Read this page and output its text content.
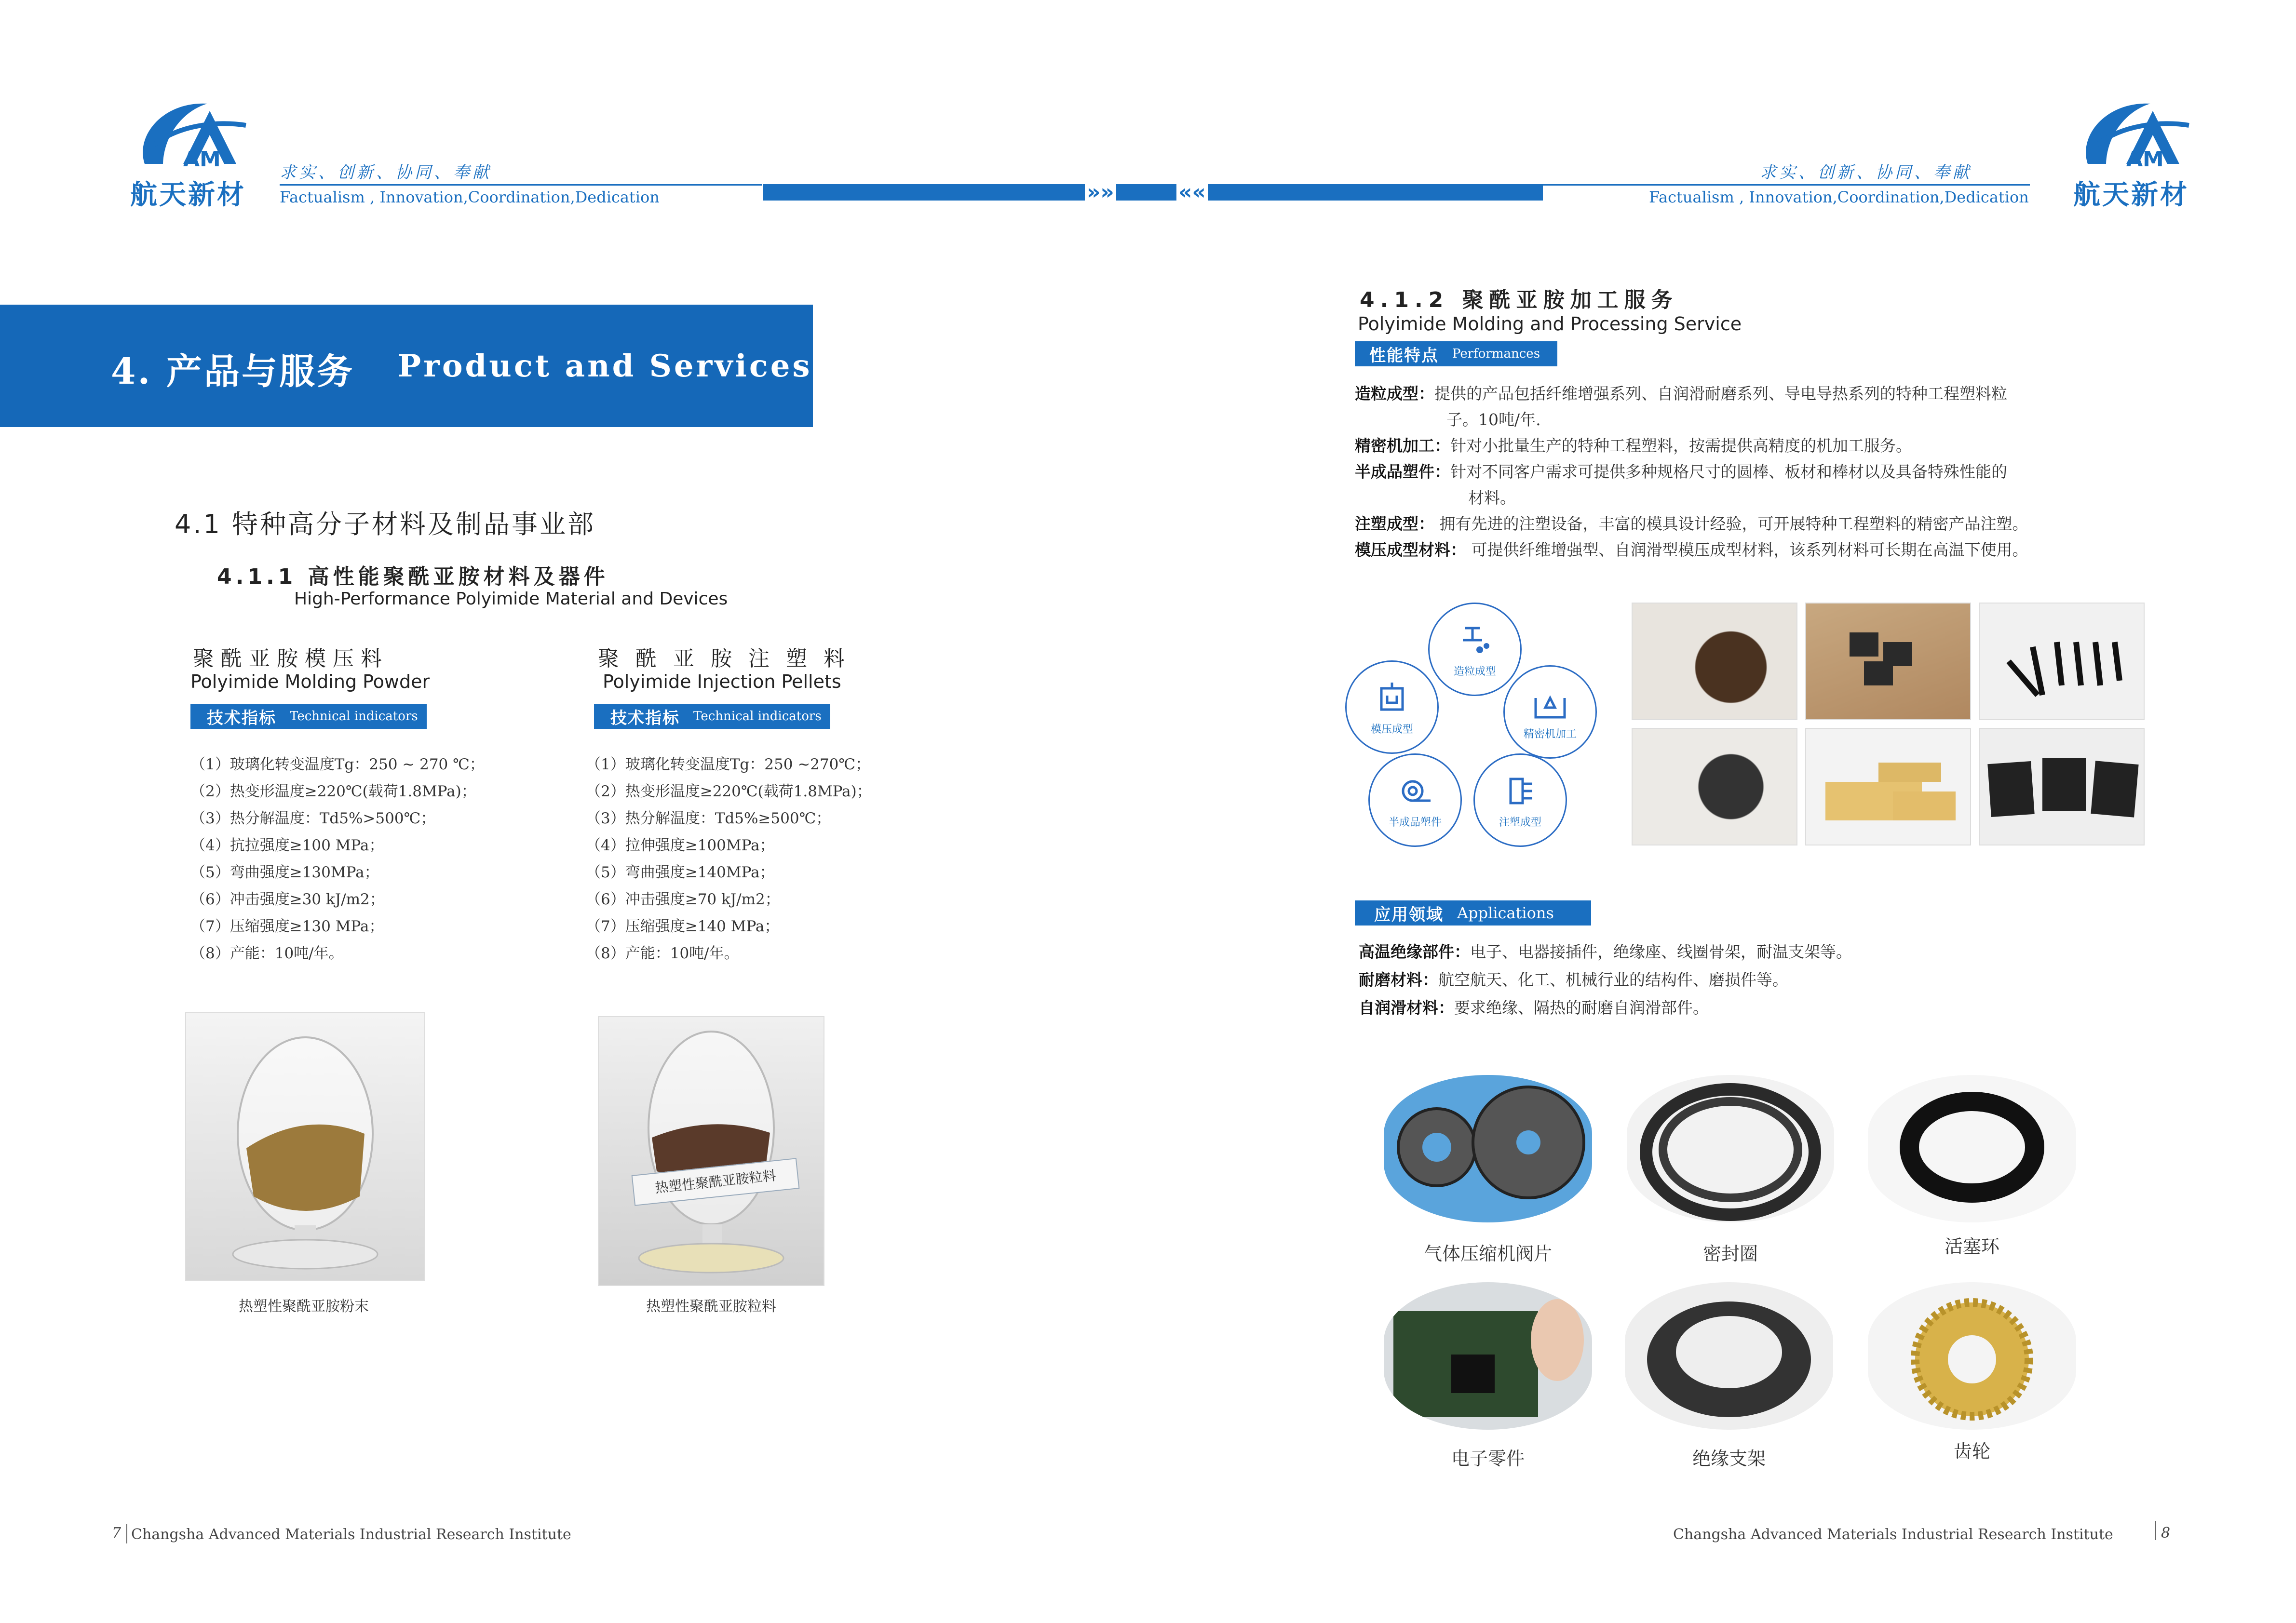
AM
航天新材
求实、创新、协同、奉献
Factualism , Innovation,Coordination,Dedication	»»	««
求实、创新、协同、奉献
Factualism , Innovation,Coordination,Dedication
AM
航天新材
4. 产品与服务 Product and Services
4.1 特种高分子材料及制品事业部
4.1.1 高性能聚酰亚胺材料及器件
High-Performance Polyimide Material and Devices
聚酰亚胺模压料
Polyimide Molding Powder
技术指标 Technical indicators
（1）玻璃化转变温度Tg：250 ~ 270 ℃；
（2）热变形温度≥220℃(载荷1.8MPa)；
（3）热分解温度：Td5%>500℃；
（4）抗拉强度≥100 MPa；
（5）弯曲强度≥130MPa；
（6）冲击强度≥30 kJ/m2；
（7）压缩强度≥130 MPa；
（8）产能：10吨/年。
聚酰亚胺注塑料
Polyimide Injection Pellets
技术指标 Technical indicators
（1）玻璃化转变温度Tg：250 ~270℃；
（2）热变形温度≥220℃(载荷1.8MPa)；
（3）热分解温度：Td5%≥500℃；
（4）拉伸强度≥100MPa；
（5）弯曲强度≥140MPa；
（6）冲击强度≥70 kJ/m2；
（7）压缩强度≥140 MPa；
（8）产能：10吨/年。
热塑性聚酰亚胺粉末
热塑性聚酰亚胺粒料
热塑性聚酰亚胺粒料
7 Changsha Advanced Materials Industrial Research Institute
4.1.2 聚酰亚胺加工服务
Polyimide Molding and Processing Service
性能特点 Performances
造粒成型：提供的产品包括纤维增强系列、自润滑耐磨系列、导电导热系列的特种工程塑料粒
子。10吨/年.
精密机加工：针对小批量生产的特种工程塑料，按需提供高精度的机加工服务。
半成品塑件：针对不同客户需求可提供多种规格尺寸的圆棒、板材和棒材以及具备特殊性能的
材料。
注塑成型： 拥有先进的注塑设备，丰富的模具设计经验，可开展特种工程塑料的精密产品注塑。
模压成型材料： 可提供纤维增强型、自润滑型模压成型材料，该系列材料可长期在高温下使用。
造粒成型
精密机加工
注塑成型
半成品塑件
模压成型
应用领域 Applications
高温绝缘部件：电子、电器接插件，绝缘座、线圈骨架，耐温支架等。
耐磨材料：航空航天、化工、机械行业的结构件、磨损件等。
自润滑材料：要求绝缘、隔热的耐磨自润滑部件。
气体压缩机阀片	密封圈	活塞环
电子零件	绝缘支架	齿轮
Changsha Advanced Materials Industrial Research Institute	8
